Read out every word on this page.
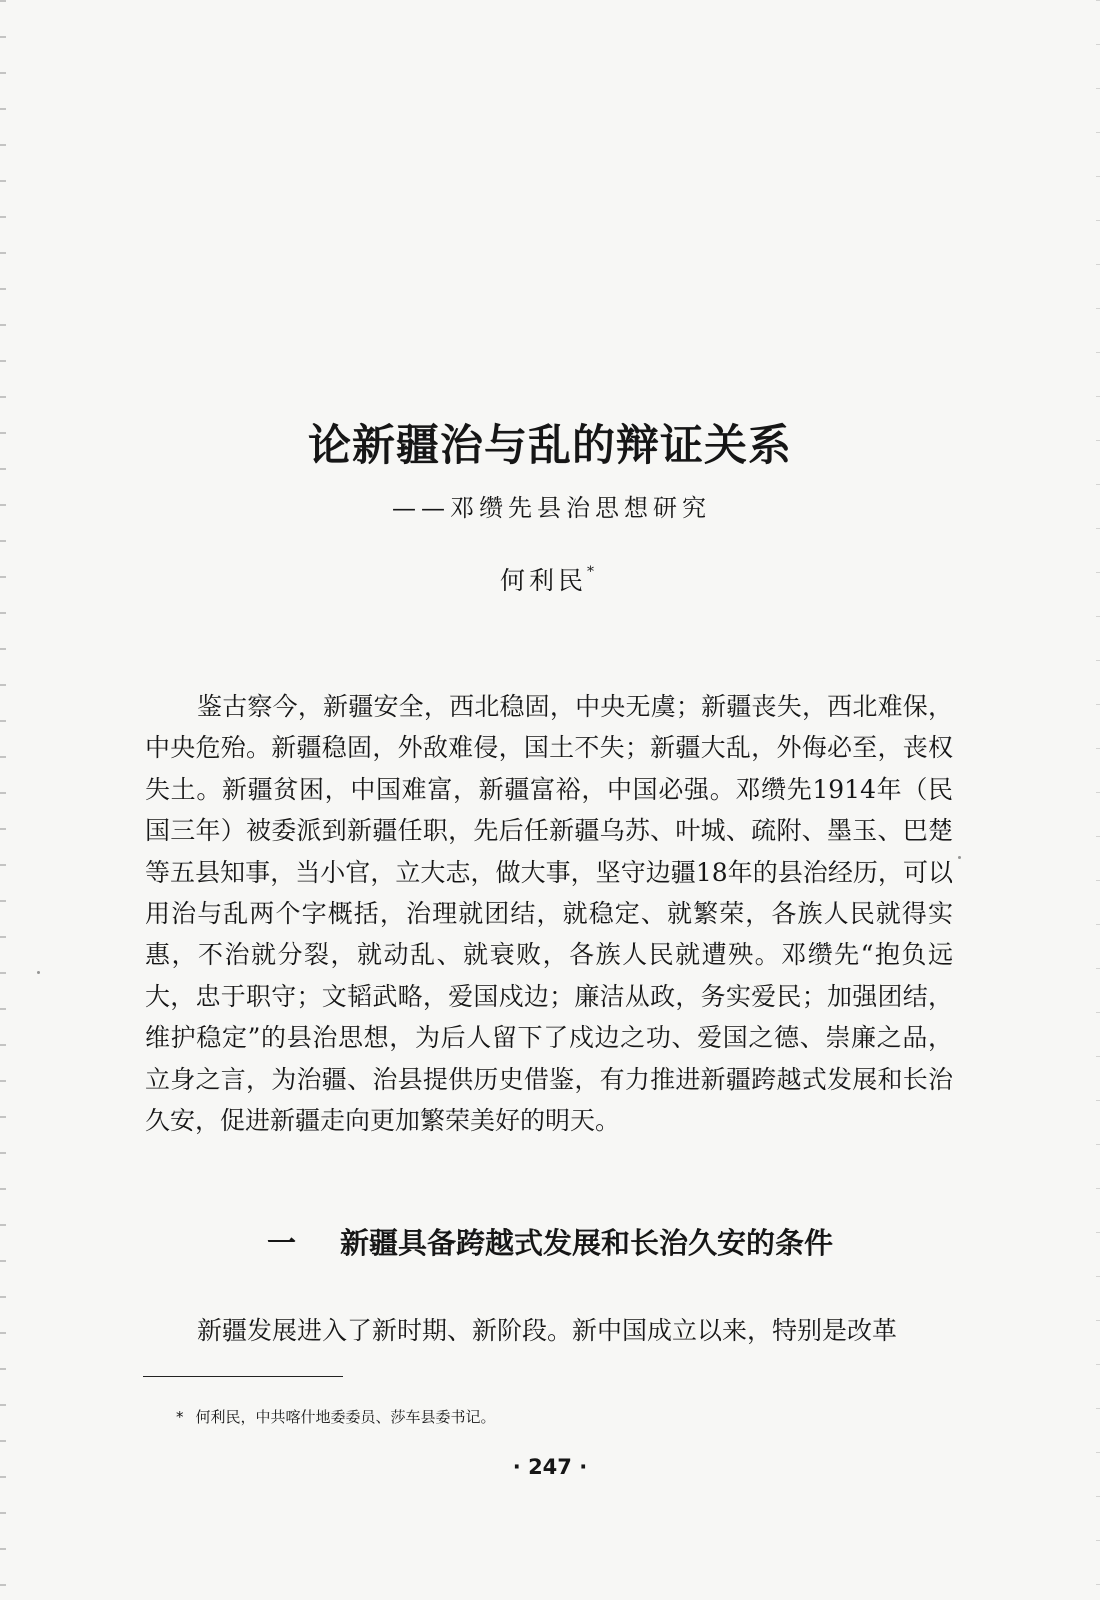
论新疆治与乱的辩证关系
——邓缵先县治思想研究
何利民*

鉴古察今，新疆安全，西北稳固，中央无虞；新疆丧失，西北难保，中央危殆。新疆稳固，外敌难侵，国土不失；新疆大乱，外侮必至，丧权失土。新疆贫困，中国难富，新疆富裕，中国必强。邓缵先1914年（民国三年）被委派到新疆任职，先后任新疆乌苏、叶城、疏附、墨玉、巴楚等五县知事，当小官，立大志，做大事，坚守边疆18年的县治经历，可以用治与乱两个字概括，治理就团结，就稳定、就繁荣，各族人民就得实惠，不治就分裂，就动乱、就衰败，各族人民就遭殃。邓缵先“抱负远大，忠于职守；文韬武略，爱国戍边；廉洁从政，务实爱民；加强团结，维护稳定”的县治思想，为后人留下了戍边之功、爱国之德、崇廉之品，立身之言，为治疆、治县提供历史借鉴，有力推进新疆跨越式发展和长治久安，促进新疆走向更加繁荣美好的明天。

一 新疆具备跨越式发展和长治久安的条件

新疆发展进入了新时期、新阶段。新中国成立以来，特别是改革

* 何利民，中共喀什地委委员、莎车县委书记。
· 247 ·
